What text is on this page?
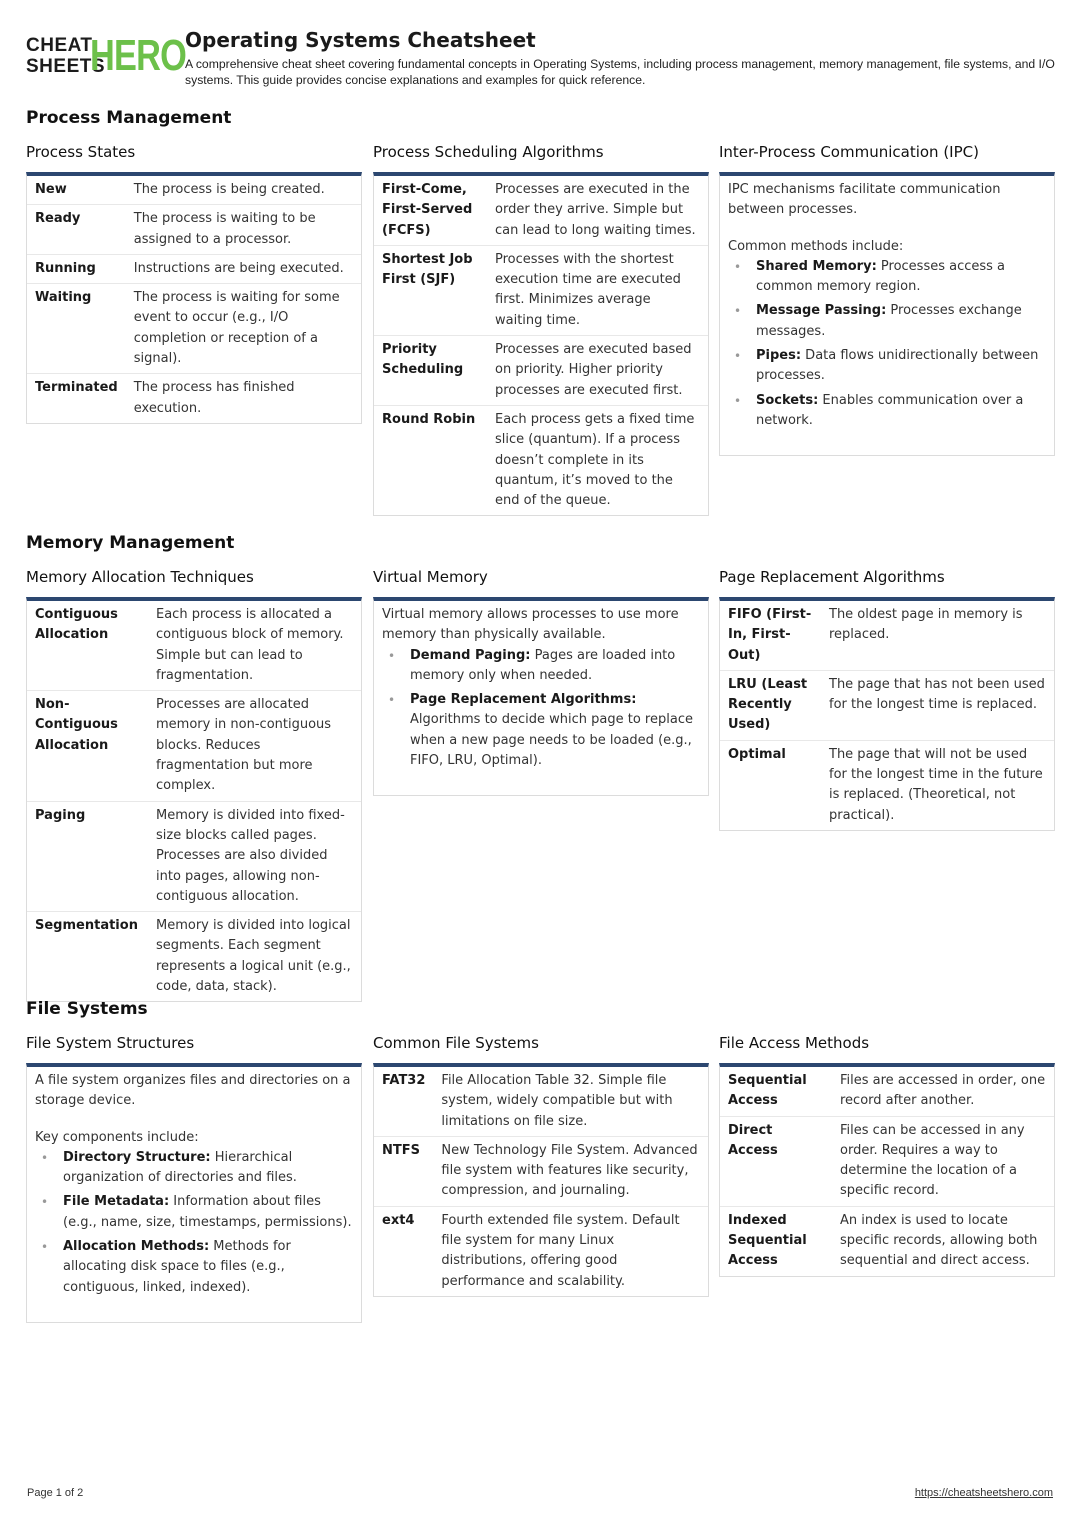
CHEAT
SHEETS
HERO
Operating Systems Cheatsheet
A comprehensive cheat sheet covering fundamental concepts in Operating Systems, including process management, memory management, file systems, and I/O systems. This guide provides concise explanations and examples for quick reference.
Process Management
Process States
New	The process is being created.
Ready	The process is waiting to be assigned to a processor.
Running	Instructions are being executed.
Waiting	The process is waiting for some event to occur (e.g., I/O completion or reception of a signal).
Terminated	The process has finished execution.
Process Scheduling Algorithms
First-Come, First-Served (FCFS)	Processes are executed in the order they arrive. Simple but can lead to long waiting times.
Shortest Job First (SJF)	Processes with the shortest execution time are executed first. Minimizes average waiting time.
Priority Scheduling	Processes are executed based on priority. Higher priority processes are executed first.
Round Robin	Each process gets a fixed time slice (quantum). If a process doesn’t complete in its quantum, it’s moved to the end of the queue.
Inter-Process Communication (IPC)

IPC mechanisms facilitate communication between processes.

Common methods include:

• Shared Memory: Processes access a common memory region.
• Message Passing: Processes exchange messages.
• Pipes: Data flows unidirectionally between processes.
• Sockets: Enables communication over a network.
Memory Management
Memory Allocation Techniques
Contiguous Allocation	Each process is allocated a contiguous block of memory. Simple but can lead to fragmentation.
Non-Contiguous Allocation	Processes are allocated memory in non-contiguous blocks. Reduces fragmentation but more complex.
Paging	Memory is divided into fixed-size blocks called pages. Processes are also divided into pages, allowing non-contiguous allocation.
Segmentation	Memory is divided into logical segments. Each segment represents a logical unit (e.g., code, data, stack).
Virtual Memory

Virtual memory allows processes to use more memory than physically available.

• Demand Paging: Pages are loaded into memory only when needed.
• Page Replacement Algorithms: Algorithms to decide which page to replace when a new page needs to be loaded (e.g., FIFO, LRU, Optimal).
Page Replacement Algorithms
FIFO (First-In, First-Out)	The oldest page in memory is replaced.
LRU (Least Recently Used)	The page that has not been used for the longest time is replaced.
Optimal	The page that will not be used for the longest time in the future is replaced. (Theoretical, not practical).
File Systems
File System Structures

A file system organizes files and directories on a storage device.

Key components include:

• Directory Structure: Hierarchical organization of directories and files.
• File Metadata: Information about files (e.g., name, size, timestamps, permissions).
• Allocation Methods: Methods for allocating disk space to files (e.g., contiguous, linked, indexed).
Common File Systems
FAT32	File Allocation Table 32. Simple file system, widely compatible but with limitations on file size.
NTFS	New Technology File System. Advanced file system with features like security, compression, and journaling.
ext4	Fourth extended file system. Default file system for many Linux distributions, offering good performance and scalability.
File Access Methods
Sequential Access	Files are accessed in order, one record after another.
Direct Access	Files can be accessed in any order. Requires a way to determine the location of a specific record.
Indexed Sequential Access	An index is used to locate specific records, allowing both sequential and direct access.
Page 1 of 2	https://cheatsheetshero.com
